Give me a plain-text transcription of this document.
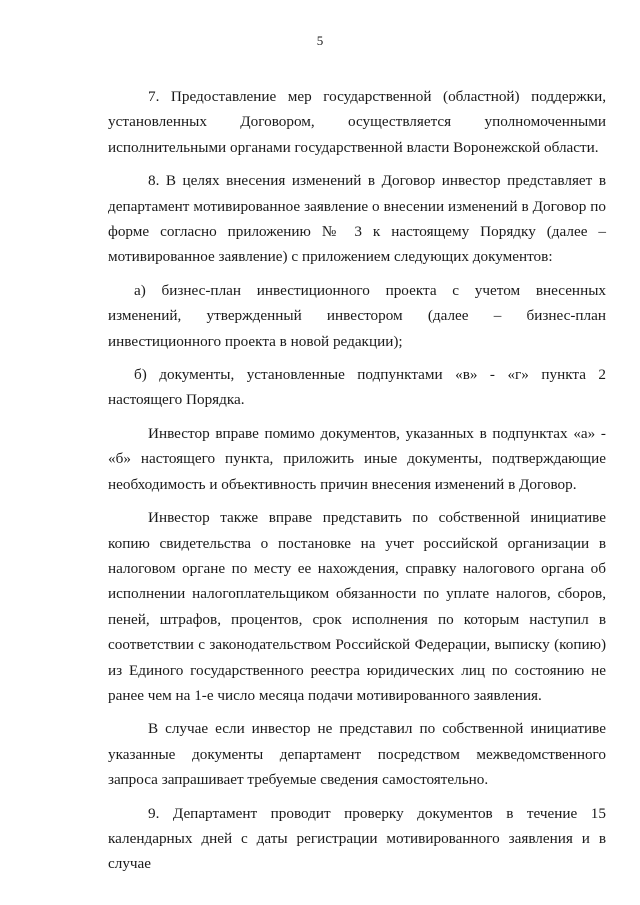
5

7. Предоставление мер государственной (областной) поддержки, установленных Договором, осуществляется уполномоченными исполнительными органами государственной власти Воронежской области.

8. В целях внесения изменений в Договор инвестор представляет в департамент мотивированное заявление о внесении изменений в Договор по форме согласно приложению № 3 к настоящему Порядку (далее – мотивированное заявление) с приложением следующих документов:

а) бизнес-план инвестиционного проекта с учетом внесенных изменений, утвержденный инвестором (далее – бизнес-план инвестиционного проекта в новой редакции);

б) документы, установленные подпунктами «в» - «г» пункта 2 настоящего Порядка.

Инвестор вправе помимо документов, указанных в подпунктах «а» - «б» настоящего пункта, приложить иные документы, подтверждающие необходимость и объективность причин внесения изменений в Договор.

Инвестор также вправе представить по собственной инициативе копию свидетельства о постановке на учет российской организации в налоговом органе по месту ее нахождения, справку налогового органа об исполнении налогоплательщиком обязанности по уплате налогов, сборов, пеней, штрафов, процентов, срок исполнения по которым наступил в соответствии с законодательством Российской Федерации, выписку (копию) из Единого государственного реестра юридических лиц по состоянию не ранее чем на 1-е число месяца подачи мотивированного заявления.

В случае если инвестор не представил по собственной инициативе указанные документы департамент посредством межведомственного запроса запрашивает требуемые сведения самостоятельно.

9. Департамент проводит проверку документов в течение 15 календарных дней с даты регистрации мотивированного заявления и в случае
